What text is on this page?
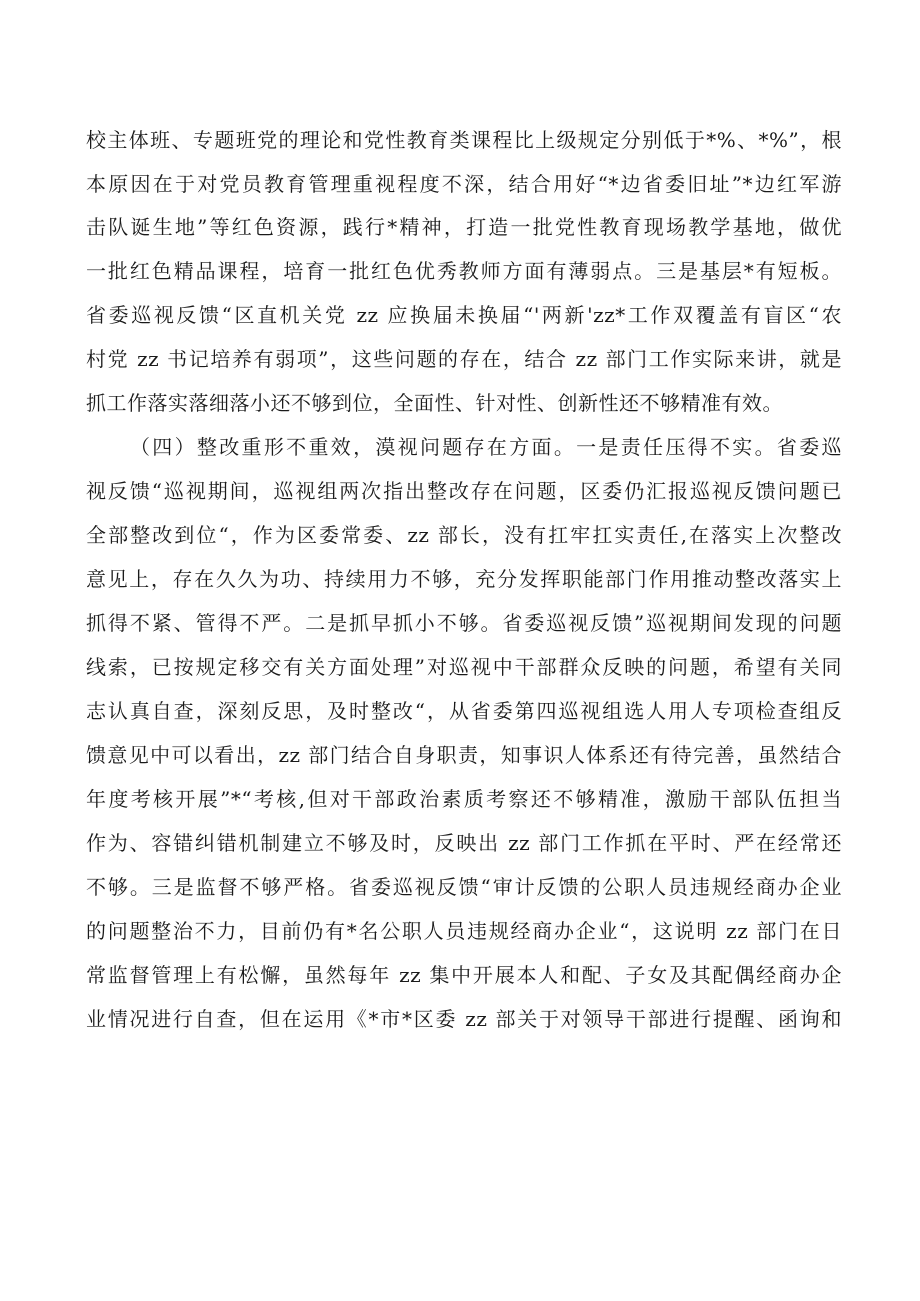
校主体班、专题班党的理论和党性教育类课程比上级规定分别低于*%、*%”，根
本原因在于对党员教育管理重视程度不深，结合用好“*边省委旧址”*边红军游
击队诞生地”等红色资源，践行*精神，打造一批党性教育现场教学基地，做优
一批红色精品课程，培育一批红色优秀教师方面有薄弱点。三是基层*有短板。
省委巡视反馈“区直机关党 zz 应换届未换届“'两新'zz*工作双覆盖有盲区“农
村党 zz 书记培养有弱项”，这些问题的存在，结合 zz 部门工作实际来讲，就是
抓工作落实落细落小还不够到位，全面性、针对性、创新性还不够精准有效。
（四）整改重形不重效，漠视问题存在方面。一是责任压得不实。省委巡
视反馈“巡视期间，巡视组两次指出整改存在问题，区委仍汇报巡视反馈问题已
全部整改到位“，作为区委常委、zz 部长，没有扛牢扛实责任,在落实上次整改
意见上，存在久久为功、持续用力不够，充分发挥职能部门作用推动整改落实上
抓得不紧、管得不严。二是抓早抓小不够。省委巡视反馈”巡视期间发现的问题
线索，已按规定移交有关方面处理”对巡视中干部群众反映的问题，希望有关同
志认真自查，深刻反思，及时整改“，从省委第四巡视组选人用人专项检查组反
馈意见中可以看出，zz 部门结合自身职责，知事识人体系还有待完善，虽然结合
年度考核开展”*“考核,但对干部政治素质考察还不够精准，激励干部队伍担当
作为、容错纠错机制建立不够及时，反映出 zz 部门工作抓在平时、严在经常还
不够。三是监督不够严格。省委巡视反馈“审计反馈的公职人员违规经商办企业
的问题整治不力，目前仍有*名公职人员违规经商办企业“，这说明 zz 部门在日
常监督管理上有松懈，虽然每年 zz 集中开展本人和配、子女及其配偶经商办企
业情况进行自查，但在运用《*市*区委 zz 部关于对领导干部进行提醒、函询和
